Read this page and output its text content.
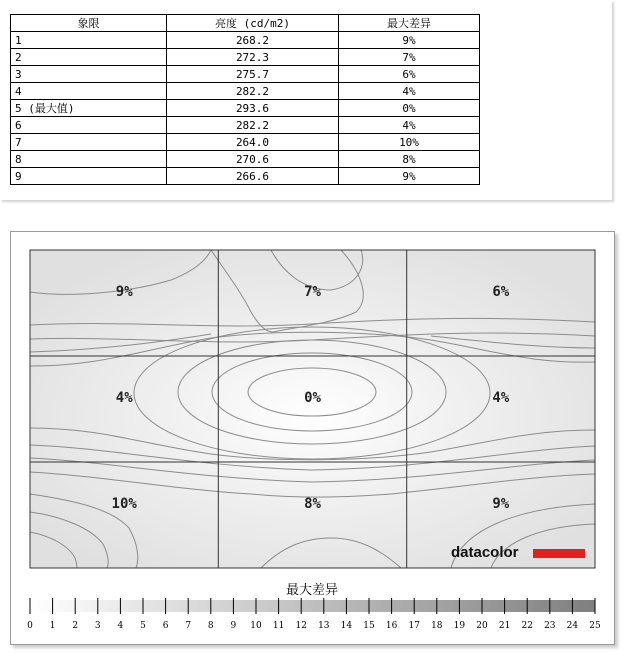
象限	亮度 (cd/m2)	最大差异
1	268.2	9%
2	272.3	7%
3	275.7	6%
4	282.2	4%
5 (最大值)	293.6	0%
6	282.2	4%
7	264.0	10%
8	270.6	8%
9	266.6	9%
9%	7%	6%
4%	0%	4%
10%	8%	9%
datacolor
最大差异
0 1 2 3 4 5 6 7 8 9 10 11 12 13 14 15 16 17 18 19 20 21 22 23 24 25
